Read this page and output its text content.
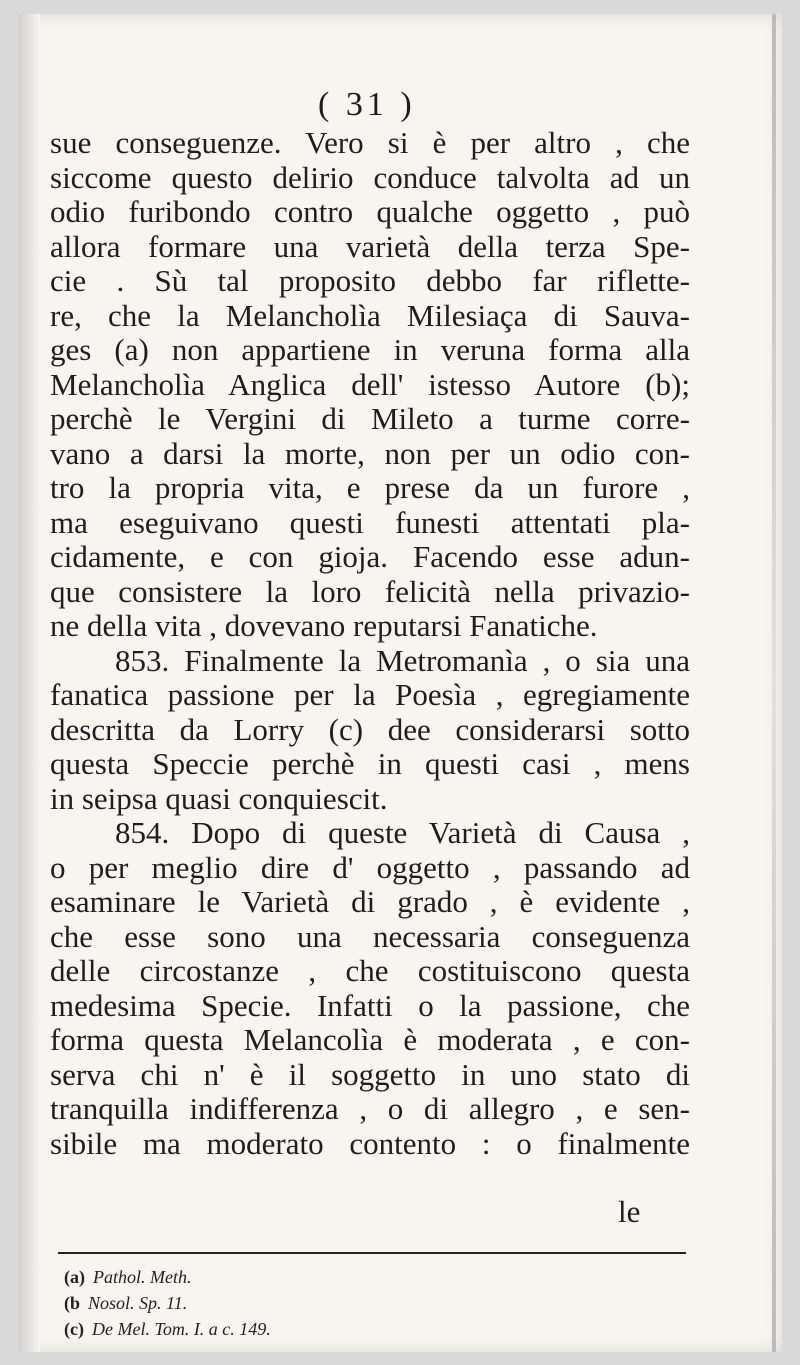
( 31 )
sue conseguenze. Vero si è per altro , che
siccome questo delirio conduce talvolta ad un
odio furibondo contro qualche oggetto , può
allora formare una varietà della terza Spe-
cie . Sù tal proposito debbo far riflette-
re, che la Melancholìa Milesiaça di Sauva-
ges (a) non appartiene in veruna forma alla
Melancholìa Anglica dell' istesso Autore (b);
perchè le Vergini di Mileto a turme corre-
vano a darsi la morte, non per un odio con-
tro la propria vita, e prese da un furore ,
ma eseguivano questi funesti attentati pla-
cidamente, e con gioja. Facendo esse adun-
que consistere la loro felicità nella privazio-
ne della vita , dovevano reputarsi Fanatiche.
853. Finalmente la Metromanìa , o sia una
fanatica passione per la Poesìa , egregiamente
descritta da Lorry (c) dee considerarsi sotto
questa Speccie perchè in questi casi , mens
in seipsa quasi conquiescit.
854. Dopo di queste Varietà di Causa ,
o per meglio dire d' oggetto , passando ad
esaminare le Varietà di grado , è evidente ,
che esse sono una necessaria conseguenza
delle circostanze , che costituiscono questa
medesima Specie. Infatti o la passione, che
forma questa Melancolìa è moderata , e con-
serva chi n' è il soggetto in uno stato di
tranquilla indifferenza , o di allegro , e sen-
sibile ma moderato contento : o finalmente
le
(a) Pathol. Meth.
(b Nosol. Sp. 11.
(c) De Mel. Tom. I. a c. 149.
